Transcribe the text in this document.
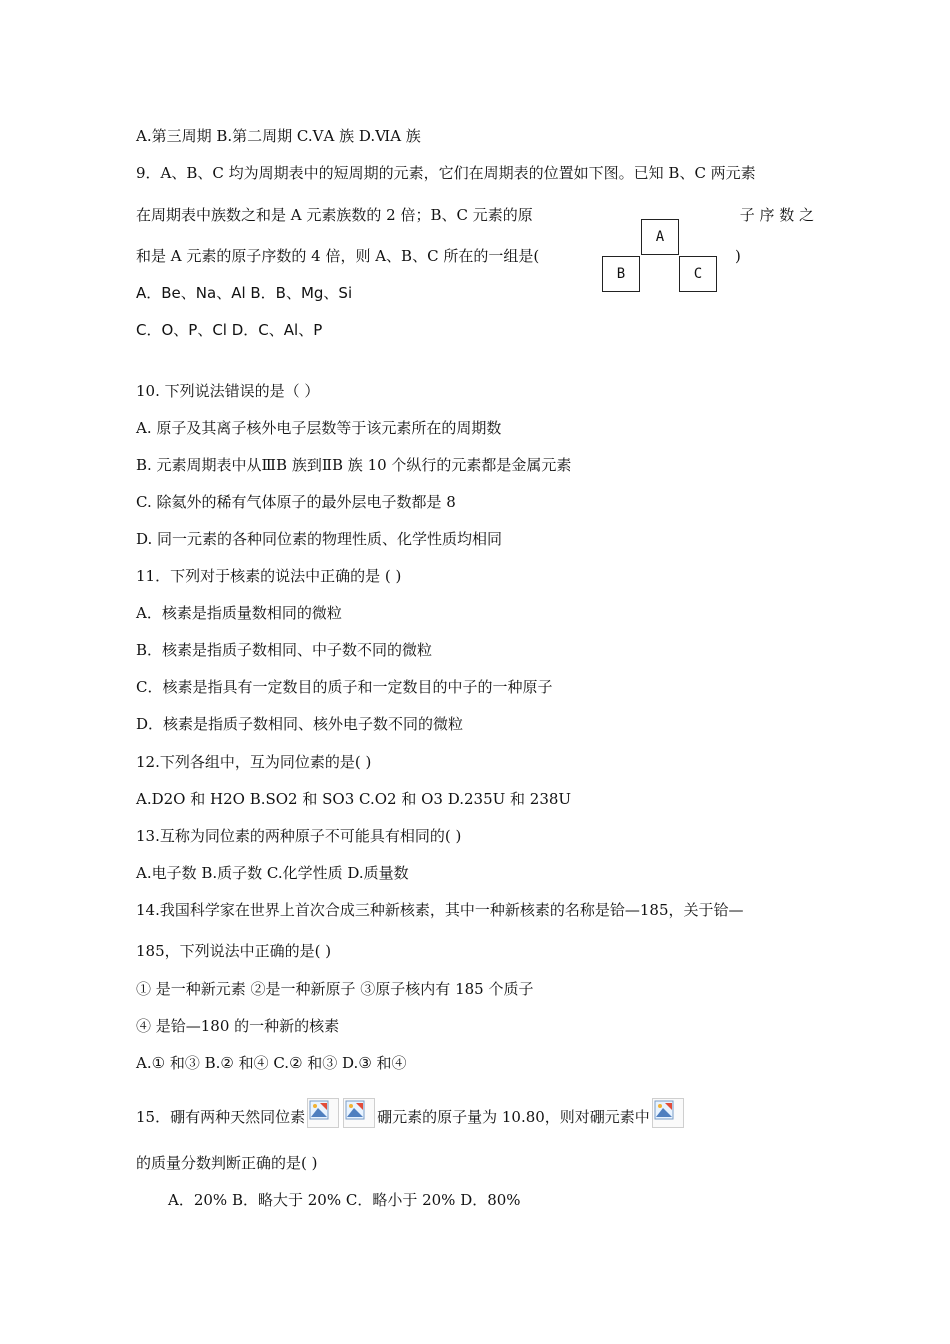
A.第三周期 B.第二周期 C.ⅤA 族 D.ⅥA 族
9．A、B、C 均为周期表中的短周期的元素，它们在周期表的位置如下图。已知 B、C 两元素
在周期表中族数之和是 A 元素族数的 2 倍；B、C 元素的原	子 序 数 之
和是 A 元素的原子序数的 4 倍，则 A、B、C 所在的一组是(	)
A
B	C
A．Be、Na、Al B．B、Mg、Si
C．O、P、Cl D．C、Al、P
10. 下列说法错误的是（ ）
A. 原子及其离子核外电子层数等于该元素所在的周期数
B. 元素周期表中从ⅢB 族到ⅡB 族 10 个纵行的元素都是金属元素
C. 除氦外的稀有气体原子的最外层电子数都是 8
D. 同一元素的各种同位素的物理性质、化学性质均相同
11．下列对于核素的说法中正确的是 ( )
A．核素是指质量数相同的微粒
B．核素是指质子数相同、中子数不同的微粒
C．核素是指具有一定数目的质子和一定数目的中子的一种原子
D．核素是指质子数相同、核外电子数不同的微粒
12.下列各组中，互为同位素的是( )
A.D2O 和 H2O B.SO2 和 SO3 C.O2 和 O3 D.235U 和 238U
13.互称为同位素的两种原子不可能具有相同的( )
A.电子数 B.质子数 C.化学性质 D.质量数
14.我国科学家在世界上首次合成三种新核素，其中一种新核素的名称是铪—185，关于铪—
185，下列说法中正确的是( )
① 是一种新元素 ②是一种新原子 ③原子核内有 185 个质子
④ 是铪—180 的一种新的核素
A.① 和③ B.② 和④ C.② 和③ D.③ 和④
15．硼有两种天然同位素	硼元素的原子量为 10.80，则对硼元素中
的质量分数判断正确的是( )
A．20% B．略大于 20% C．略小于 20% D．80%
